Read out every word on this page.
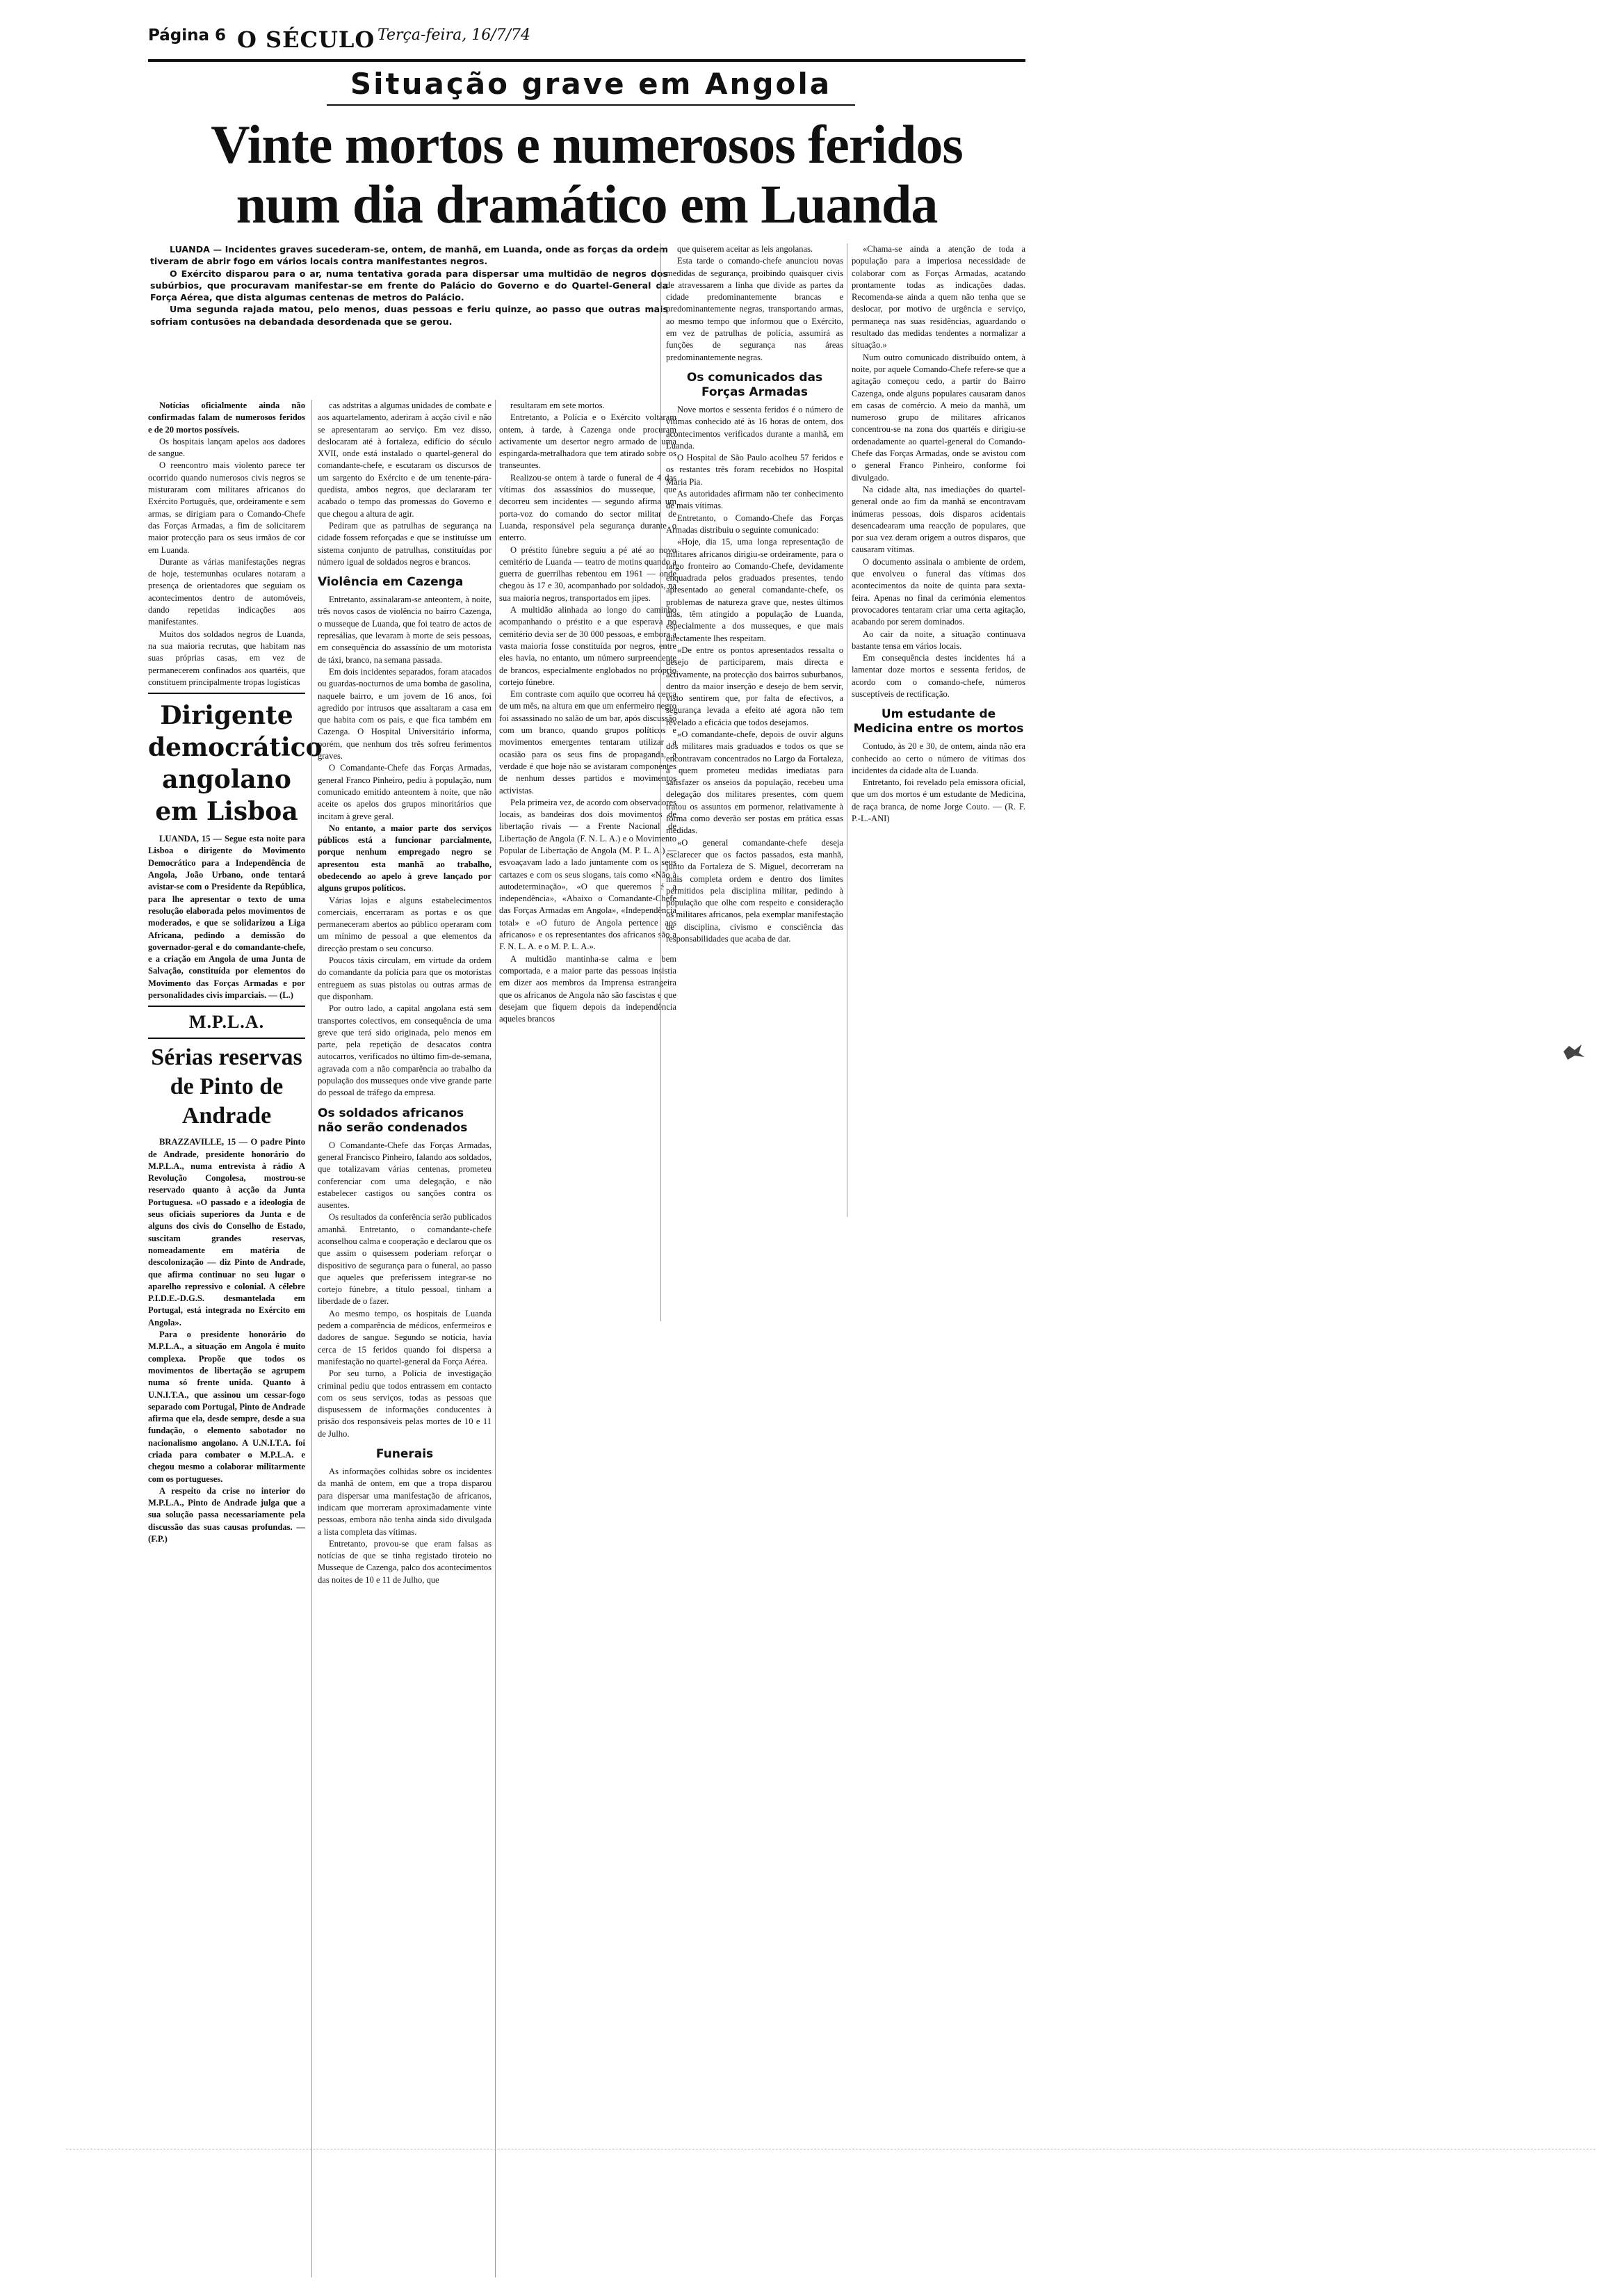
Página 6 O SÉCULO Terça-feira, 16/7/74
Situação grave em Angola
Vinte mortos e numerosos feridos
num dia dramático em Luanda

LUANDA — Incidentes graves sucederam-se, ontem, de manhã, em Luanda, onde as forças da ordem tiveram de abrir fogo em vários locais contra manifestantes negros.

O Exército disparou para o ar, numa tentativa gorada para dispersar uma multidão de negros dos subúrbios, que procuravam manifestar-se em frente do Palácio do Governo e do Quartel-General da Força Aérea, que dista algumas centenas de metros do Palácio.

Uma segunda rajada matou, pelo menos, duas pessoas e feriu quinze, ao passo que outras mais sofriam contusões na debandada desordenada que se gerou.

Notícias oficialmente ainda não confirmadas falam de numerosos feridos e de 20 mortos possíveis.

Os hospitais lançam apelos aos dadores de sangue.

O reencontro mais violento parece ter ocorrido quando numerosos civis negros se misturaram com militares africanos do Exército Português, que, ordeiramente e sem armas, se dirigiam para o Comando-Chefe das Forças Armadas, a fim de solicitarem maior protecção para os seus irmãos de cor em Luanda.

Durante as várias manifestações negras de hoje, testemunhas oculares notaram a presença de orientadores que seguiam os acontecimentos dentro de automóveis, dando repetidas indicações aos manifestantes.

Muitos dos soldados negros de Luanda, na sua maioria recrutas, que habitam nas suas próprias casas, em vez de permanecerem confinados aos quartéis, que constituem principalmente tropas logísticas

Dirigente democrático angolano em Lisboa

LUANDA, 15 — Segue esta noite para Lisboa o dirigente do Movimento Democrático para a Independência de Angola, João Urbano, onde tentará avistar-se com o Presidente da República, para lhe apresentar o texto de uma resolução elaborada pelos movimentos de moderados, e que se solidarizou a Liga Africana, pedindo a demissão do governador-geral e do comandante-chefe, e a criação em Angola de uma Junta de Salvação, constituída por elementos do Movimento das Forças Armadas e por personalidades civis imparciais. — (L.)

M.P.L.A.
Sérias reservas de Pinto de Andrade

BRAZZAVILLE, 15 — O padre Pinto de Andrade, presidente honorário do M.P.L.A., numa entrevista à rádio A Revolução Congolesa, mostrou-se reservado quanto à acção da Junta Portuguesa. «O passado e a ideologia de seus oficiais superiores da Junta e de alguns dos civis do Conselho de Estado, suscitam grandes reservas, nomeadamente em matéria de descolonização — diz Pinto de Andrade, que afirma continuar no seu lugar o aparelho repressivo e colonial. A célebre P.I.D.E.-D.G.S. desmantelada em Portugal, está integrada no Exército em Angola».

Para o presidente honorário do M.P.L.A., a situação em Angola é muito complexa. Propõe que todos os movimentos de libertação se agrupem numa só frente unida. Quanto à U.N.I.T.A., que assinou um cessar-fogo separado com Portugal, Pinto de Andrade afirma que ela, desde sempre, desde a sua fundação, o elemento sabotador no nacionalismo angolano. A U.N.I.T.A. foi criada para combater o M.P.L.A. e chegou mesmo a colaborar militarmente com os portugueses.

A respeito da crise no interior do M.P.L.A., Pinto de Andrade julga que a sua solução passa necessariamente pela discussão das suas causas profundas. — (F.P.)

cas adstritas a algumas unidades de combate e aos aquartelamento, aderiram à acção civil e não se apresentaram ao serviço. Em vez disso, deslocaram até à fortaleza, edifício do século XVII, onde está instalado o quartel-general do comandante-chefe, e escutaram os discursos de um sargento do Exército e de um tenente-pára-quedista, ambos negros, que declararam ter acabado o tempo das promessas do Governo e que chegou a altura de agir.

Pediram que as patrulhas de segurança na cidade fossem reforçadas e que se instituísse um sistema conjunto de patrulhas, constituídas por número igual de soldados negros e brancos.

Violência em Cazenga

Entretanto, assinalaram-se anteontem, à noite, três novos casos de violência no bairro Cazenga, o musseque de Luanda, que foi teatro de actos de represálias, que levaram à morte de seis pessoas, em consequência do assassínio de um motorista de táxi, branco, na semana passada.

Em dois incidentes separados, foram atacados ou guardas-nocturnos de uma bomba de gasolina, naquele bairro, e um jovem de 16 anos, foi agredido por intrusos que assaltaram a casa em que habita com os pais, e que fica também em Cazenga. O Hospital Universitário informa, porém, que nenhum dos três sofreu ferimentos graves.

O Comandante-Chefe das Forças Armadas, general Franco Pinheiro, pediu à população, num comunicado emitido anteontem à noite, que não aceite os apelos dos grupos minoritários que incitam à greve geral.

No entanto, a maior parte dos serviços públicos está a funcionar parcialmente, porque nenhum empregado negro se apresentou esta manhã ao trabalho, obedecendo ao apelo à greve lançado por alguns grupos políticos.

Várias lojas e alguns estabelecimentos comerciais, encerraram as portas e os que permaneceram abertos ao público operaram com um mínimo de pessoal a que elementos da direcção prestam o seu concurso.

Poucos táxis circulam, em virtude da ordem do comandante da polícia para que os motoristas entreguem as suas pistolas ou outras armas de que disponham.

Por outro lado, a capital angolana está sem transportes colectivos, em consequência de uma greve que terá sido originada, pelo menos em parte, pela repetição de desacatos contra autocarros, verificados no último fim-de-semana, agravada com a não comparência ao trabalho da população dos musseques onde vive grande parte do pessoal de tráfego da empresa.

Os soldados africanos não serão condenados

O Comandante-Chefe das Forças Armadas, general Francisco Pinheiro, falando aos soldados, que totalizavam várias centenas, prometeu conferenciar com uma delegação, e não estabelecer castigos ou sanções contra os ausentes.

Os resultados da conferência serão publicados amanhã. Entretanto, o comandante-chefe aconselhou calma e cooperação e declarou que os que assim o quisessem poderiam reforçar o dispositivo de segurança para o funeral, ao passo que aqueles que preferissem integrar-se no cortejo fúnebre, a título pessoal, tinham a liberdade de o fazer.

Ao mesmo tempo, os hospitais de Luanda pedem a comparência de médicos, enfermeiros e dadores de sangue. Segundo se noticia, havia cerca de 15 feridos quando foi dispersa a manifestação no quartel-general da Força Aérea.

Por seu turno, a Polícia de investigação criminal pediu que todos entrassem em contacto com os seus serviços, todas as pessoas que dispusessem de informações conducentes à prisão dos responsáveis pelas mortes de 10 e 11 de Julho.

Funerais

As informações colhidas sobre os incidentes da manhã de ontem, em que a tropa disparou para dispersar uma manifestação de africanos, indicam que morreram aproximadamente vinte pessoas, embora não tenha ainda sido divulgada a lista completa das vítimas.

Entretanto, provou-se que eram falsas as notícias de que se tinha registado tiroteio no Musseque de Cazenga, palco dos acontecimentos das noites de 10 e 11 de Julho, que

resultaram em sete mortos.

Entretanto, a Polícia e o Exército voltaram ontem, à tarde, à Cazenga onde procuram activamente um desertor negro armado de uma espingarda-metralhadora que tem atirado sobre os transeuntes.

Realizou-se ontem à tarde o funeral de 4 das vítimas dos assassínios do musseque, que decorreu sem incidentes — segundo afirma um porta-voz do comando do sector militar de Luanda, responsável pela segurança durante o enterro.

O préstito fúnebre seguiu a pé até ao novo cemitério de Luanda — teatro de motins quando a guerra de guerrilhas rebentou em 1961 — onde chegou às 17 e 30, acompanhado por soldados, na sua maioria negros, transportados em jipes.

A multidão alinhada ao longo do caminho acompanhando o préstito e a que esperava no cemitério devia ser de 30 000 pessoas, e embora a vasta maioria fosse constituída por negros, entre eles havia, no entanto, um número surpreendente de brancos, especialmente englobados no próprio cortejo fúnebre.

Em contraste com aquilo que ocorreu há cerca de um mês, na altura em que um enfermeiro negro foi assassinado no salão de um bar, após discussão com um branco, quando grupos políticos e movimentos emergentes tentaram utilizar a ocasião para os seus fins de propaganda, a verdade é que hoje não se avistaram componentes de nenhum desses partidos e movimentos activistas.

Pela primeira vez, de acordo com observadores locais, as bandeiras dos dois movimentos de libertação rivais — a Frente Nacional de Libertação de Angola (F. N. L. A.) e o Movimento Popular de Libertação de Angola (M. P. L. A.) — esvoaçavam lado a lado juntamente com os seus cartazes e com os seus slogans, tais como «Não à autodeterminação», «O que queremos é a independência», «Abaixo o Comandante-Chefe das Forças Armadas em Angola», «Independência total» e «O futuro de Angola pertence aos africanos» e os representantes dos africanos são a F. N. L. A. e o M. P. L. A.».

A multidão mantinha-se calma e bem comportada, e a maior parte das pessoas insistia em dizer aos membros da Imprensa estrangeira que os africanos de Angola não são fascistas e que desejam que fiquem depois da independência aqueles brancos

que quiserem aceitar as leis angolanas.

Esta tarde o comando-chefe anunciou novas medidas de segurança, proibindo quaisquer civis de atravessarem a linha que divide as partes da cidade predominantemente brancas e predominantemente negras, transportando armas, ao mesmo tempo que informou que o Exército, em vez de patrulhas de polícia, assumirá as funções de segurança nas áreas predominantemente negras.

Os comunicados das Forças Armadas

Nove mortos e sessenta feridos é o número de vítimas conhecido até às 16 horas de ontem, dos acontecimentos verificados durante a manhã, em Luanda.

O Hospital de São Paulo acolheu 57 feridos e os restantes três foram recebidos no Hospital Maria Pia.

As autoridades afirmam não ter conhecimento de mais vítimas.

Entretanto, o Comando-Chefe das Forças Armadas distribuiu o seguinte comunicado:

«Hoje, dia 15, uma longa representação de militares africanos dirigiu-se ordeiramente, para o largo fronteiro ao Comando-Chefe, devidamente enquadrada pelos graduados presentes, tendo apresentado ao general comandante-chefe, os problemas de natureza grave que, nestes últimos dias, têm atingido a população de Luanda, especialmente a dos musseques, e que mais directamente lhes respeitam.

«De entre os pontos apresentados ressalta o desejo de participarem, mais directa e activamente, na protecção dos bairros suburbanos, dentro da maior inserção e desejo de bem servir, visto sentirem que, por falta de efectivos, a segurança levada a efeito até agora não tem revelado a eficácia que todos desejamos.

«O comandante-chefe, depois de ouvir alguns dos militares mais graduados e todos os que se encontravam concentrados no Largo da Fortaleza, a quem prometeu medidas imediatas para satisfazer os anseios da população, recebeu uma delegação dos militares presentes, com quem tratou os assuntos em pormenor, relativamente à forma como deverão ser postas em prática essas medidas.

«O general comandante-chefe deseja esclarecer que os factos passados, esta manhã, junto da Fortaleza de S. Miguel, decorreram na mais completa ordem e dentro dos limites permitidos pela disciplina militar, pedindo à população que olhe com respeito e consideração os militares africanos, pela exemplar manifestação de disciplina, civismo e consciência das responsabilidades que acaba de dar.

«Chama-se ainda a atenção de toda a população para a imperiosa necessidade de colaborar com as Forças Armadas, acatando prontamente todas as indicações dadas. Recomenda-se ainda a quem não tenha que se deslocar, por motivo de urgência e serviço, permaneça nas suas residências, aguardando o resultado das medidas tendentes a normalizar a situação.»

Num outro comunicado distribuído ontem, à noite, por aquele Comando-Chefe refere-se que a agitação começou cedo, a partir do Bairro Cazenga, onde alguns populares causaram danos em casas de comércio. A meio da manhã, um numeroso grupo de militares africanos concentrou-se na zona dos quartéis e dirigiu-se ordenadamente ao quartel-general do Comando-Chefe das Forças Armadas, onde se avistou com o general Franco Pinheiro, conforme foi divulgado.

Na cidade alta, nas imediações do quartel-general onde ao fim da manhã se encontravam inúmeras pessoas, dois disparos acidentais desencadearam uma reacção de populares, que por sua vez deram origem a outros disparos, que causaram vítimas.

O documento assinala o ambiente de ordem, que envolveu o funeral das vítimas dos acontecimentos da noite de quinta para sexta-feira. Apenas no final da cerimónia elementos provocadores tentaram criar uma certa agitação, acabando por serem dominados.

Ao cair da noite, a situação continuava bastante tensa em vários locais.

Em consequência destes incidentes há a lamentar doze mortos e sessenta feridos, de acordo com o comando-chefe, números susceptíveis de rectificação.

Um estudante de Medicina entre os mortos

Contudo, às 20 e 30, de ontem, ainda não era conhecido ao certo o número de vítimas dos incidentes da cidade alta de Luanda.

Entretanto, foi revelado pela emissora oficial, que um dos mortos é um estudante de Medicina, de raça branca, de nome Jorge Couto. — (R. F. P.-L.-ANI)
